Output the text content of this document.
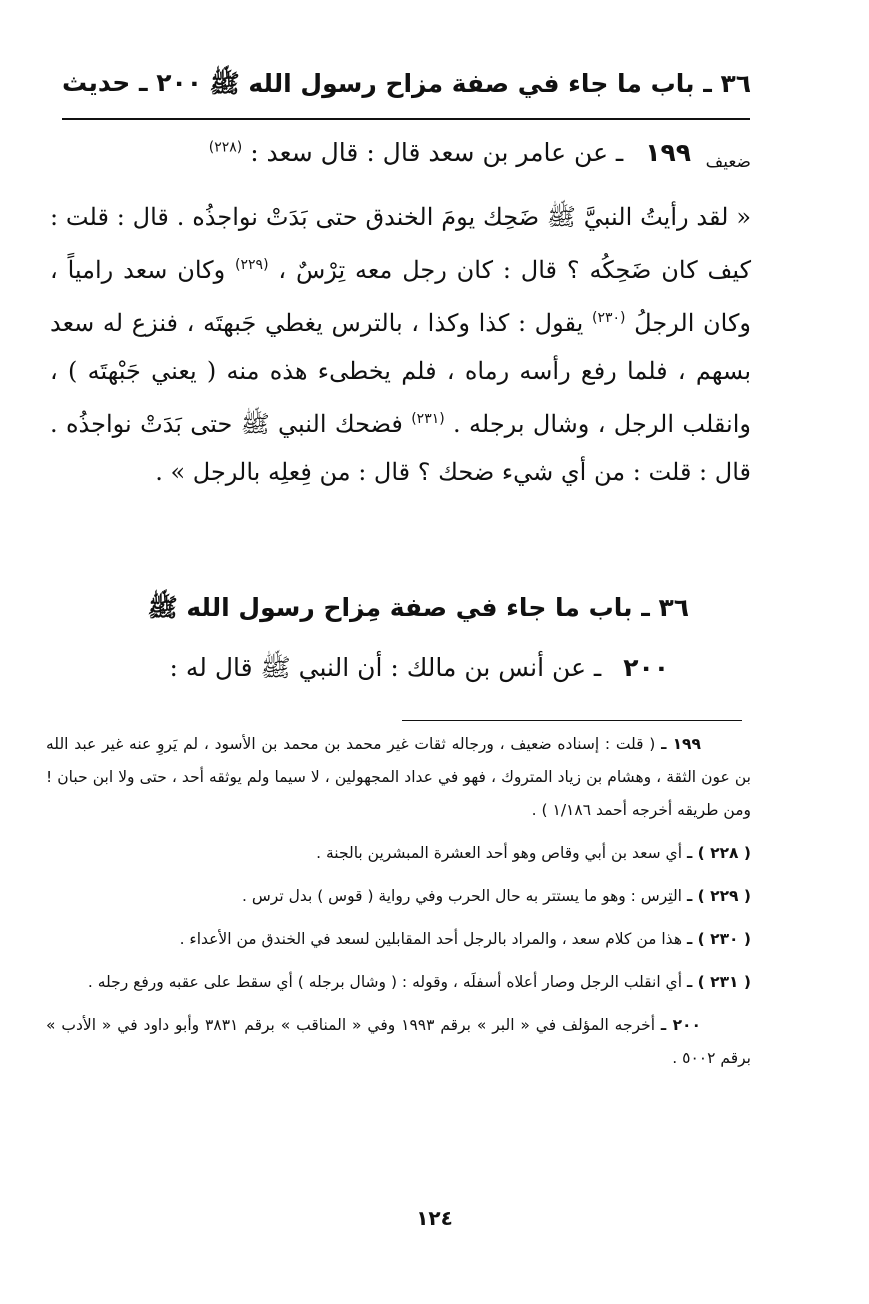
٣٦ ـ باب ما جاء في صفة مزاح رسول الله ﷺ
٢٠٠ ـ حديث
ضعيف
١٩٩ ـ عن عامر بن سعد قال : قال سعد : $^{(٢٢٨)}$

« لقد رأيتُ النبيَّ ﷺ ضَحِك يومَ الخندق حتى بَدَتْ نواجذُه . قال : قلت : كيف كان ضَحِكُه ؟ قال : كان رجل معه تِرْسٌ ، $^{(٢٢٩)}$ وكان سعد رامياً ، وكان الرجلُ $^{(٢٣٠)}$ يقول : كذا وكذا ، بالترس يغطي جَبهتَه ، فنزع له سعد بسهم ، فلما رفع رأسه رماه ، فلم يخطىء هذه منه ( يعني جَبْهتَه ) ، وانقلب الرجل ، وشال برجله . $^{(٢٣١)}$ فضحك النبي ﷺ حتى بَدَتْ نواجذُه . قال : قلت : من أي شيء ضحك ؟ قال : من فِعلِه بالرجل » .

٣٦ ـ باب ما جاء في صفة مِزاح رسول الله ﷺ
٢٠٠ ـ عن أنس بن مالك : أن النبي ﷺ قال له :

١٩٩ ـ ( قلت : إسناده ضعيف ، ورجاله ثقات غير محمد بن محمد بن الأسود ، لم يَروِ عنه غير عبد الله بن عون الثقة ، وهشام بن زياد المتروك ، فهو في عداد المجهولين ، لا سيما ولم يوثقه أحد ، حتى ولا ابن حبان ! ومن طريقه أخرجه أحمد ١/١٨٦ ) .

( ٢٢٨ ) ـ أي سعد بن أبي وقاص وهو أحد العشرة المبشرين بالجنة .

( ٢٢٩ ) ـ التِرس : وهو ما يستتر به حال الحرب وفي رواية ( قوس ) بدل ترس .

( ٢٣٠ ) ـ هذا من كلام سعد ، والمراد بالرجل أحد المقابلين لسعد في الخندق من الأعداء .

( ٢٣١ ) ـ أي انقلب الرجل وصار أعلاه أسفلَه ، وقوله : ( وشال برجله ) أي سقط على عقبه ورفع رجله .

٢٠٠ ـ أخرجه المؤلف في « البر » برقم ١٩٩٣ وفي « المناقب » برقم ٣٨٣١ وأبو داود في « الأدب » برقم ٥٠٠٢ .

١٢٤
